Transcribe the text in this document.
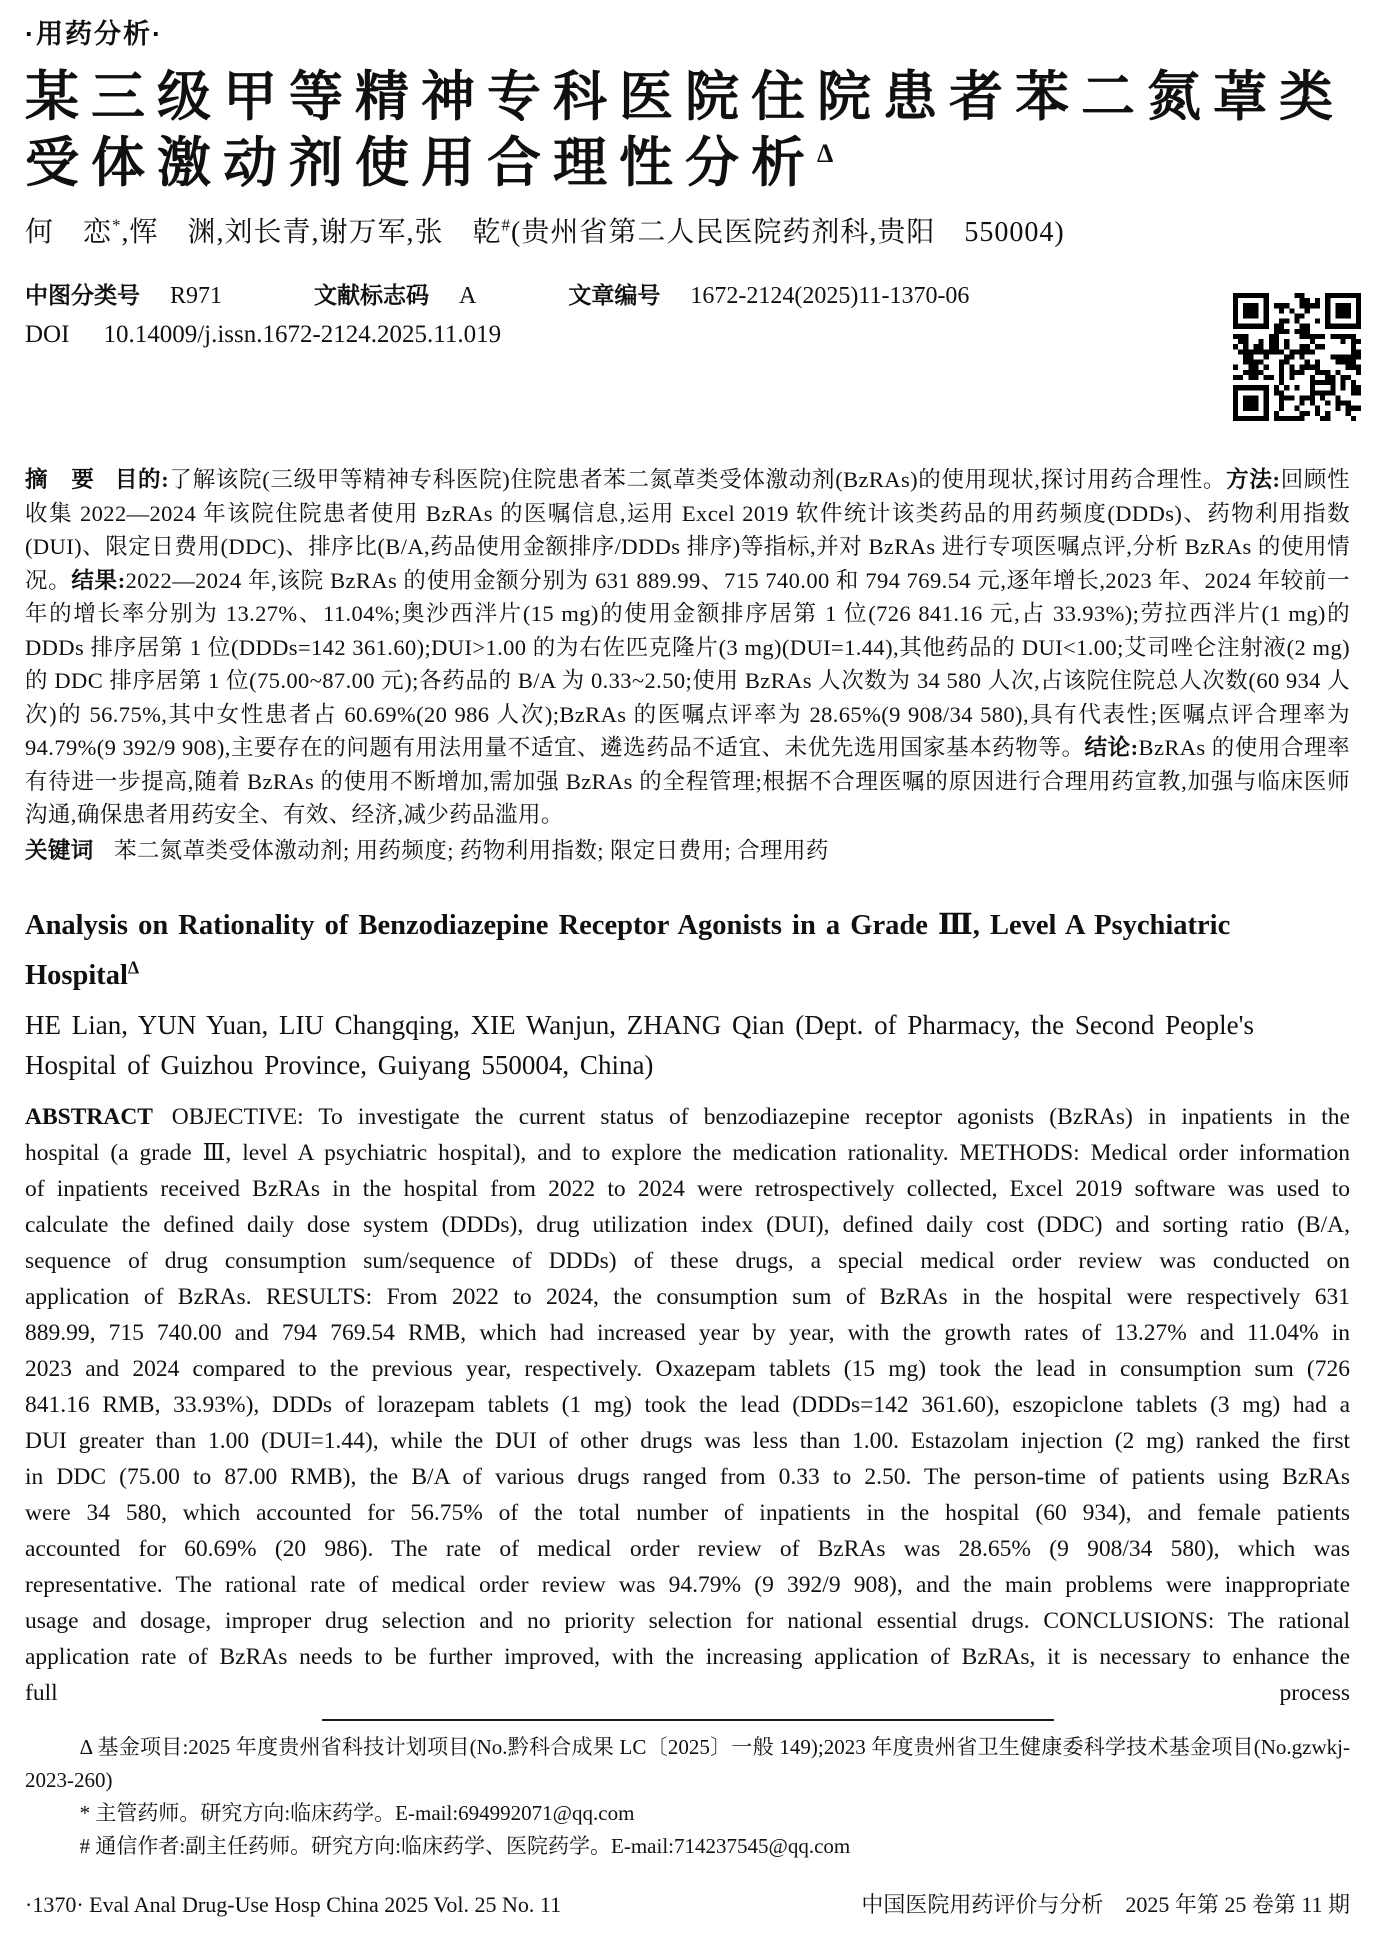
·用药分析·
某三级甲等精神专科医院住院患者苯二氮䓬类
受体激动剂使用合理性分析$^\Delta$
何　恋*,恽　渊,刘长青,谢万军,张　乾#(贵州省第二人民医院药剂科,贵阳　550004)
中图分类号 R971	文献标志码 A	文章编号 1672-2124(2025)11-1370-06
DOI 10.14009/j.issn.1672-2124.2025.11.019

摘　要 目的:了解该院(三级甲等精神专科医院)住院患者苯二氮䓬类受体激动剂(BzRAs)的使用现状,探讨用药合理性。方法:回顾性收集 2022—2024 年该院住院患者使用 BzRAs 的医嘱信息,运用 Excel 2019 软件统计该类药品的用药频度(DDDs)、药物利用指数(DUI)、限定日费用(DDC)、排序比(B/A,药品使用金额排序/DDDs 排序)等指标,并对 BzRAs 进行专项医嘱点评,分析 BzRAs 的使用情况。结果:2022—2024 年,该院 BzRAs 的使用金额分别为 631 889.99、715 740.00 和 794 769.54 元,逐年增长,2023 年、2024 年较前一年的增长率分别为 13.27%、11.04%;奥沙西泮片(15 mg)的使用金额排序居第 1 位(726 841.16 元,占 33.93%);劳拉西泮片(1 mg)的 DDDs 排序居第 1 位(DDDs=142 361.60);DUI>1.00 的为右佐匹克隆片(3 mg)(DUI=1.44),其他药品的 DUI<1.00;艾司唑仑注射液(2 mg)的 DDC 排序居第 1 位(75.00~87.00 元);各药品的 B/A 为 0.33~2.50;使用 BzRAs 人次数为 34 580 人次,占该院住院总人次数(60 934 人次)的 56.75%,其中女性患者占 60.69%(20 986 人次);BzRAs 的医嘱点评率为 28.65%(9 908/34 580),具有代表性;医嘱点评合理率为 94.79%(9 392/9 908),主要存在的问题有用法用量不适宜、遴选药品不适宜、未优先选用国家基本药物等。结论:BzRAs 的使用合理率有待进一步提高,随着 BzRAs 的使用不断增加,需加强 BzRAs 的全程管理;根据不合理医嘱的原因进行合理用药宣教,加强与临床医师沟通,确保患者用药安全、有效、经济,减少药品滥用。

关键词 苯二氮䓬类受体激动剂; 用药频度; 药物利用指数; 限定日费用; 合理用药

Analysis on Rationality of Benzodiazepine Receptor Agonists in a Grade Ⅲ, Level A Psychiatric Hospital$^\Delta$

HE Lian, YUN Yuan, LIU Changqing, XIE Wanjun, ZHANG Qian (Dept. of Pharmacy, the Second People's Hospital of Guizhou Province, Guiyang 550004, China)

ABSTRACT OBJECTIVE: To investigate the current status of benzodiazepine receptor agonists (BzRAs) in inpatients in the hospital (a grade Ⅲ, level A psychiatric hospital), and to explore the medication rationality. METHODS: Medical order information of inpatients received BzRAs in the hospital from 2022 to 2024 were retrospectively collected, Excel 2019 software was used to calculate the defined daily dose system (DDDs), drug utilization index (DUI), defined daily cost (DDC) and sorting ratio (B/A, sequence of drug consumption sum/sequence of DDDs) of these drugs, a special medical order review was conducted on application of BzRAs. RESULTS: From 2022 to 2024, the consumption sum of BzRAs in the hospital were respectively 631 889.99, 715 740.00 and 794 769.54 RMB, which had increased year by year, with the growth rates of 13.27% and 11.04% in 2023 and 2024 compared to the previous year, respectively. Oxazepam tablets (15 mg) took the lead in consumption sum (726 841.16 RMB, 33.93%), DDDs of lorazepam tablets (1 mg) took the lead (DDDs=142 361.60), eszopiclone tablets (3 mg) had a DUI greater than 1.00 (DUI=1.44), while the DUI of other drugs was less than 1.00. Estazolam injection (2 mg) ranked the first in DDC (75.00 to 87.00 RMB), the B/A of various drugs ranged from 0.33 to 2.50. The person-time of patients using BzRAs were 34 580, which accounted for 56.75% of the total number of inpatients in the hospital (60 934), and female patients accounted for 60.69% (20 986). The rate of medical order review of BzRAs was 28.65% (9 908/34 580), which was representative. The rational rate of medical order review was 94.79% (9 392/9 908), and the main problems were inappropriate usage and dosage, improper drug selection and no priority selection for national essential drugs. CONCLUSIONS: The rational application rate of BzRAs needs to be further improved, with the increasing application of BzRAs, it is necessary to enhance the full process

Δ 基金项目:2025 年度贵州省科技计划项目(No.黔科合成果 LC〔2025〕一般 149);2023 年度贵州省卫生健康委科学技术基金项目(No.gzwkj-2023-260)

* 主管药师。研究方向:临床药学。E-mail:694992071@qq.com

# 通信作者:副主任药师。研究方向:临床药学、医院药学。E-mail:714237545@qq.com

·1370· Eval Anal Drug-Use Hosp China 2025 Vol. 25 No. 11	中国医院用药评价与分析　2025 年第 25 卷第 11 期
